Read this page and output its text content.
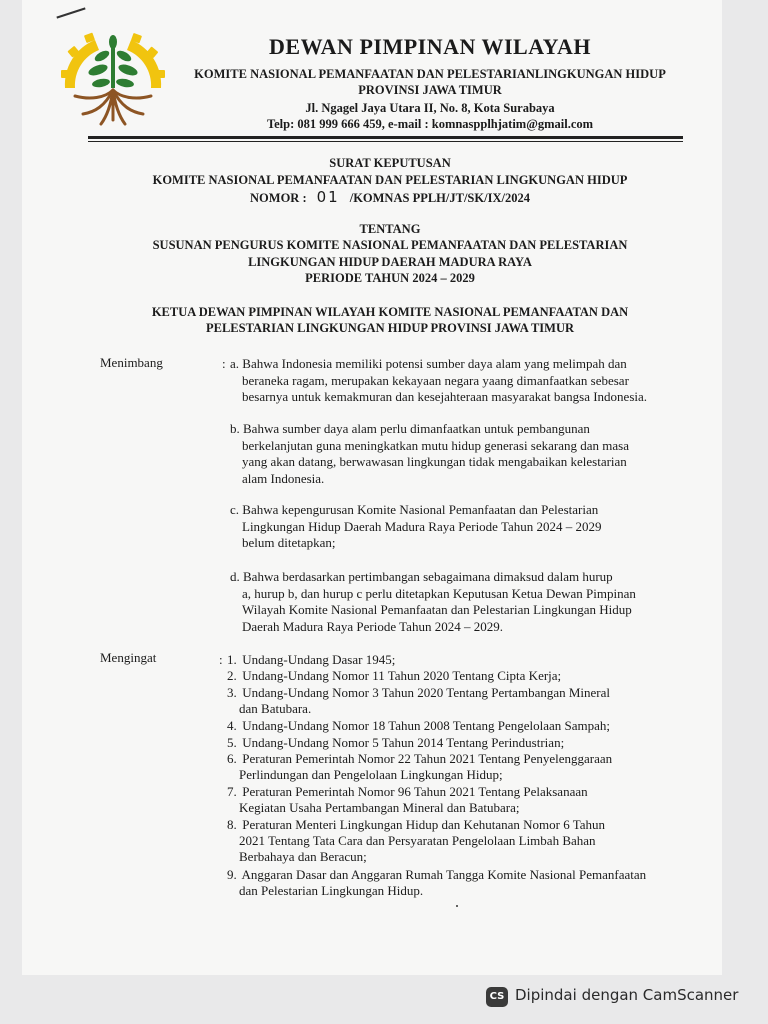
DEWAN PIMPINAN WILAYAH
KOMITE NASIONAL PEMANFAATAN DAN PELESTARIANLINGKUNGAN HIDUP
PROVINSI JAWA TIMUR
Jl. Ngagel Jaya Utara II, No. 8, Kota Surabaya
Telp: 081 999 666 459, e-mail : komnaspplhjatim@gmail.com
SURAT KEPUTUSAN
KOMITE NASIONAL PEMANFAATAN DAN PELESTARIAN LINGKUNGAN HIDUP
NOMOR : 01 /KOMNAS PPLH/JT/SK/IX/2024
TENTANG
SUSUNAN PENGURUS KOMITE NASIONAL PEMANFAATAN DAN PELESTARIAN
LINGKUNGAN HIDUP DAERAH MADURA RAYA
PERIODE TAHUN 2024 – 2029
KETUA DEWAN PIMPINAN WILAYAH KOMITE NASIONAL PEMANFAATAN DAN
PELESTARIAN LINGKUNGAN HIDUP PROVINSI JAWA TIMUR
Menimbang	: a. Bahwa Indonesia memiliki potensi sumber daya alam yang melimpah dan
beraneka ragam, merupakan kekayaan negara yaang dimanfaatkan sebesar
besarnya untuk kemakmuran dan kesejahteraan masyarakat bangsa Indonesia.
b. Bahwa sumber daya alam perlu dimanfaatkan untuk pembangunan
berkelanjutan guna meningkatkan mutu hidup generasi sekarang dan masa
yang akan datang, berwawasan lingkungan tidak mengabaikan kelestarian
alam Indonesia.
c. Bahwa kepengurusan Komite Nasional Pemanfaatan dan Pelestarian
Lingkungan Hidup Daerah Madura Raya Periode Tahun 2024 – 2029
belum ditetapkan;
d. Bahwa berdasarkan pertimbangan sebagaimana dimaksud dalam hurup
a, hurup b, dan hurup c perlu ditetapkan Keputusan Ketua Dewan Pimpinan
Wilayah Komite Nasional Pemanfaatan dan Pelestarian Lingkungan Hidup
Daerah Madura Raya Periode Tahun 2024 – 2029.
Mengingat	: 1. Undang-Undang Dasar 1945;
2. Undang-Undang Nomor 11 Tahun 2020 Tentang Cipta Kerja;
3. Undang-Undang Nomor 3 Tahun 2020 Tentang Pertambangan Mineral
dan Batubara.
4. Undang-Undang Nomor 18 Tahun 2008 Tentang Pengelolaan Sampah;
5. Undang-Undang Nomor 5 Tahun 2014 Tentang Perindustrian;
6. Peraturan Pemerintah Nomor 22 Tahun 2021 Tentang Penyelenggaraan
Perlindungan dan Pengelolaan Lingkungan Hidup;
7. Peraturan Pemerintah Nomor 96 Tahun 2021 Tentang Pelaksanaan
Kegiatan Usaha Pertambangan Mineral dan Batubara;
8. Peraturan Menteri Lingkungan Hidup dan Kehutanan Nomor 6 Tahun
2021 Tentang Tata Cara dan Persyaratan Pengelolaan Limbah Bahan
Berbahaya dan Beracun;
9. Anggaran Dasar dan Anggaran Rumah Tangga Komite Nasional Pemanfaatan
dan Pelestarian Lingkungan Hidup.
CS Dipindai dengan CamScanner
